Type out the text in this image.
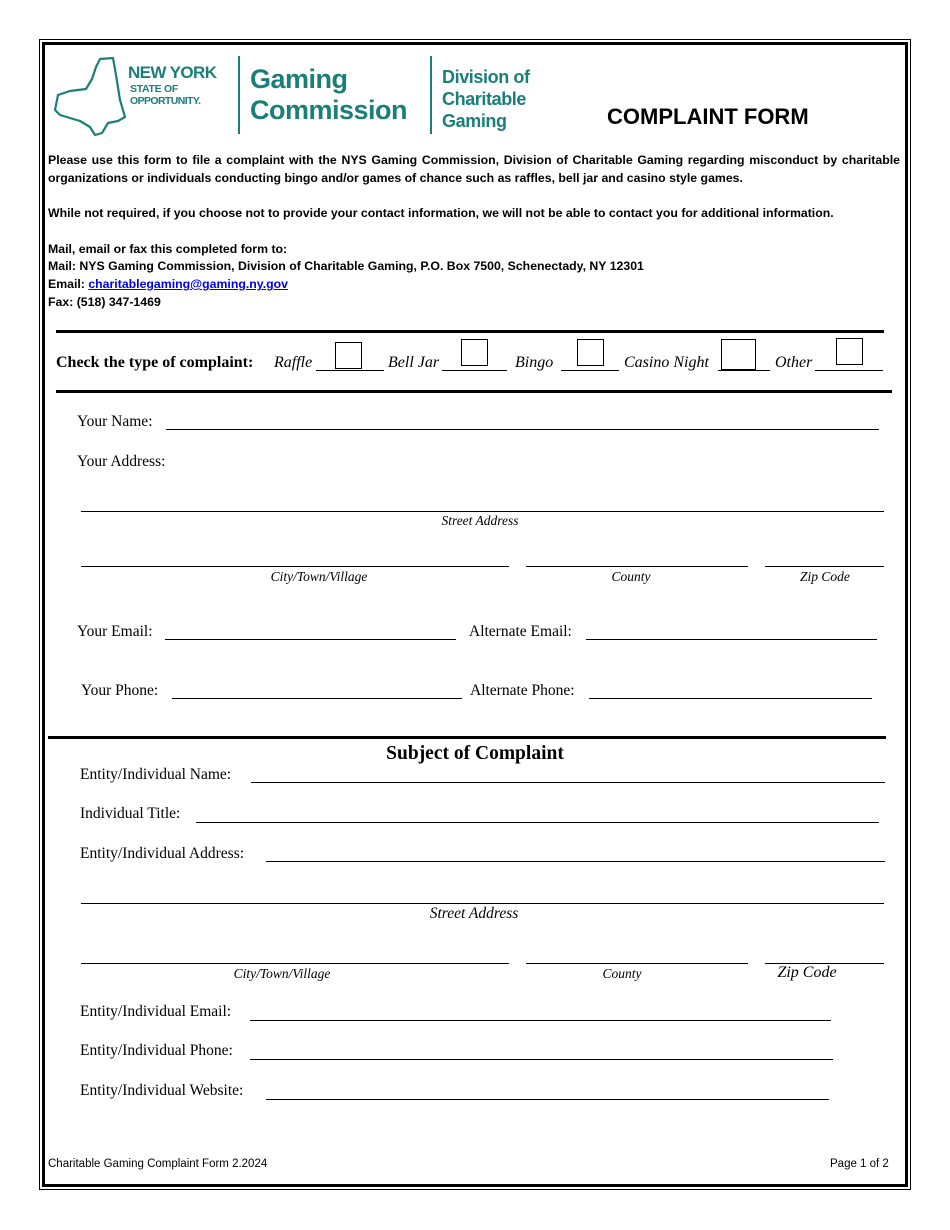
NEW YORK
STATE OF
OPPORTUNITY.
Gaming
Commission
Division of
Charitable
Gaming	COMPLAINT FORM
Please use this form to file a complaint with the NYS Gaming Commission, Division of Charitable Gaming regarding misconduct by charitable organizations or individuals conducting bingo and/or games of chance such as raffles, bell jar and casino style games.
While not required, if you choose not to provide your contact information, we will not be able to contact you for additional information.
Mail, email or fax this completed form to:
Mail: NYS Gaming Commission, Division of Charitable Gaming, P.O. Box 7500, Schenectady, NY 12301
Email: charitablegaming@gaming.ny.gov
Fax: (518) 347-1469
Check the type of complaint: Raffle	Bell Jar	Bingo	Casino Night	Other
Your Name:
Your Address:
Street Address
City/Town/Village	County	Zip Code
Your Email:	Alternate Email:
Your Phone:	Alternate Phone:
Subject of Complaint
Entity/Individual Name:
Individual Title:
Entity/Individual Address:
Street Address
City/Town/Village	County	Zip Code
Entity/Individual Email:
Entity/Individual Phone:
Entity/Individual Website:
Charitable Gaming Complaint Form 2.2024	Page 1 of 2
